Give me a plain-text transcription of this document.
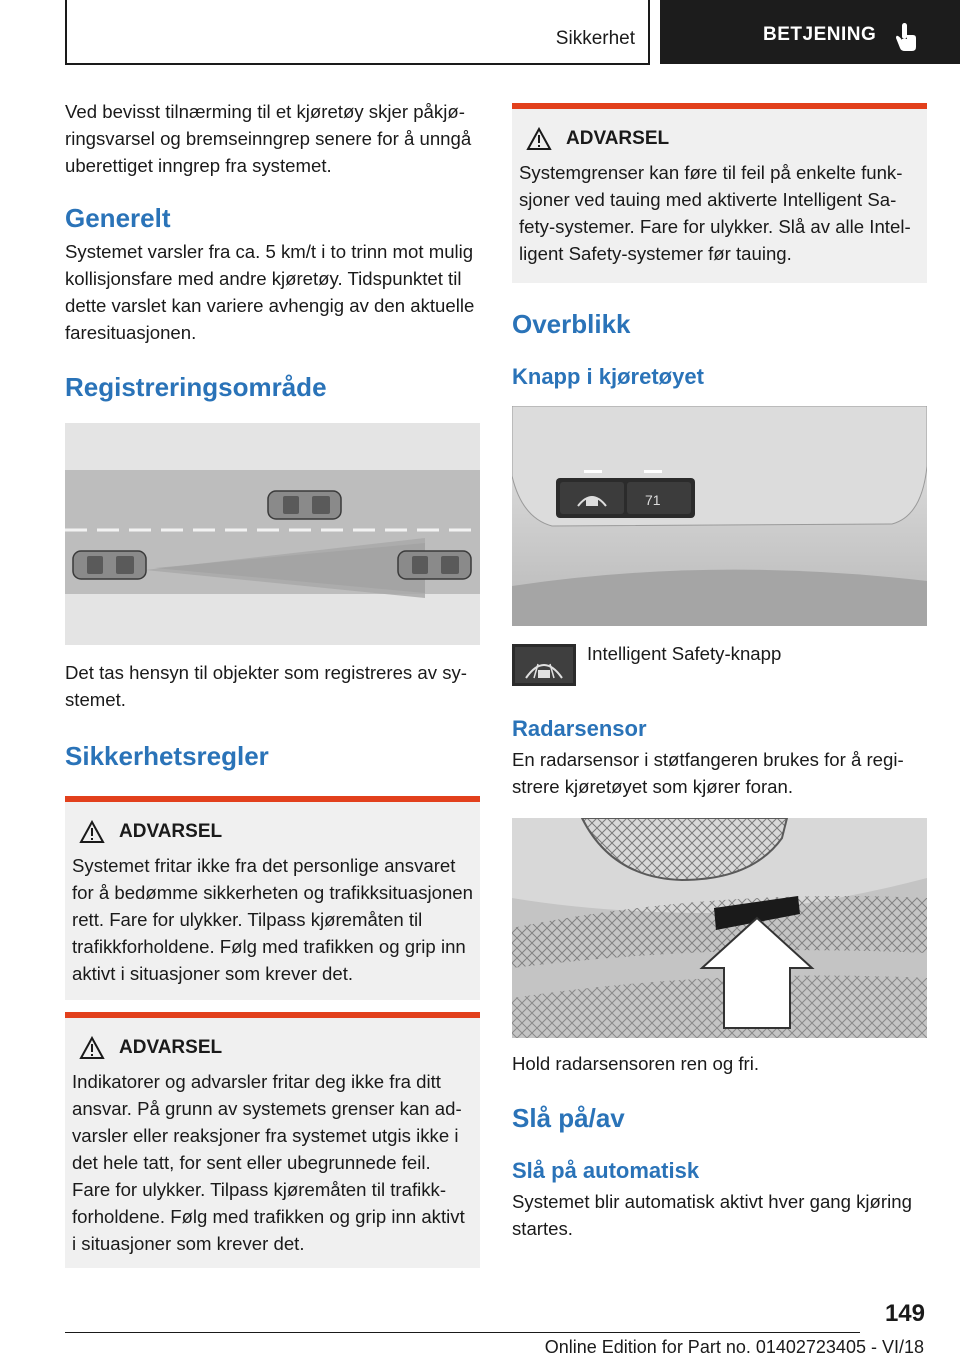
Sikkerhet	BETJENING

Ved bevisst tilnærming til et kjøretøy skjer påkjøringsvarsel og bremseinngrep senere for å unngå uberettiget inngrep fra systemet.

Generelt

Systemet varsler fra ca. 5 km/t i to trinn mot mulig kollisjonsfare med andre kjøretøy. Tidspunktet til dette varslet kan variere avhengig av den aktuelle faresituasjonen.

Registreringsområde

Det tas hensyn til objekter som registreres av systemet.

Sikkerhetsregler
ADVARSEL

Systemet fritar ikke fra det personlige ansvaret for å bedømme sikkerheten og trafikksituasjonen rett. Fare for ulykker. Tilpass kjøremåten til trafikkforholdene. Følg med trafikken og grip inn aktivt i situasjoner som krever det.

ADVARSEL

Indikatorer og advarsler fritar deg ikke fra ditt ansvar. På grunn av systemets grenser kan advarsler eller reaksjoner fra systemet utgis ikke i det hele tatt, for sent eller ubegrunnede feil. Fare for ulykker. Tilpass kjøremåten til trafikkforholdene. Følg med trafikken og grip inn aktivt i situasjoner som krever det.

ADVARSEL

Systemgrenser kan føre til feil på enkelte funksjoner ved tauing med aktiverte Intelligent Safety-systemer. Fare for ulykker. Slå av alle Intelligent Safety-systemer før tauing.

Overblikk
Knapp i kjøretøyet
71
Intelligent Safety-knapp
Radarsensor

En radarsensor i støtfangeren brukes for å registrere kjøretøyet som kjører foran.

Hold radarsensoren ren og fri.

Slå på/av
Slå på automatisk

Systemet blir automatisk aktivt hver gang kjøring startes.

149
Online Edition for Part no. 01402723405 - VI/18
